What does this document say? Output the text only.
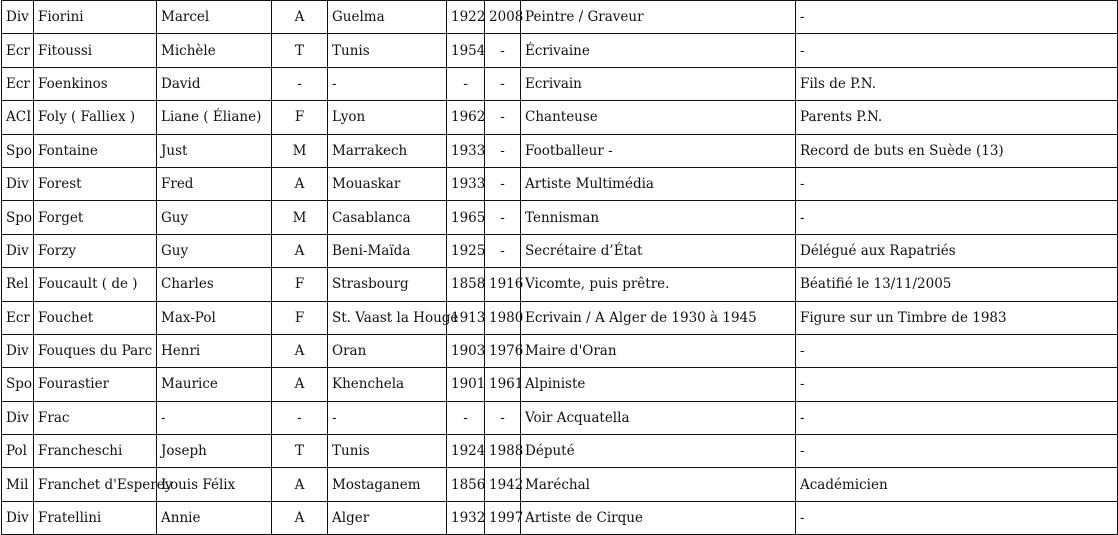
Div	Fiorini	Marcel	A	Guelma	1922	2008	Peintre / Graveur	-
Ecr	Fitoussi	Michèle	T	Tunis	1954	-	Écrivaine	-
Ecr	Foenkinos	David	-	-	-	-	Ecrivain	Fils de P.N.
ACI	Foly ( Falliex )	Liane ( Éliane)	F	Lyon	1962	-	Chanteuse	Parents P.N.
Spo	Fontaine	Just	M	Marrakech	1933	-	Footballeur -	Record de buts en Suède (13)
Div	Forest	Fred	A	Mouaskar	1933	-	Artiste Multimédia	-
Spo	Forget	Guy	M	Casablanca	1965	-	Tennisman	-
Div	Forzy	Guy	A	Beni-Maïda	1925	-	Secrétaire d’État	Délégué aux Rapatriés
Rel	Foucault ( de )	Charles	F	Strasbourg	1858	1916	Vicomte, puis prêtre.	Béatifié le 13/11/2005
Ecr	Fouchet	Max-Pol	F	St. Vaast la Houge	1913	1980	Ecrivain / A Alger de 1930 à 1945	Figure sur un Timbre de 1983
Div	Fouques du Parc	Henri	A	Oran	1903	1976	Maire d'Oran	-
Spo	Fourastier	Maurice	A	Khenchela	1901	1961	Alpiniste	-
Div	Frac	-	-	-	-	-	Voir Acquatella	-
Pol	Francheschi	Joseph	T	Tunis	1924	1988	Député	-
Mil	Franchet d'Esperey	Louis Félix	A	Mostaganem	1856	1942	Maréchal	Académicien
Div	Fratellini	Annie	A	Alger	1932	1997	Artiste de Cirque	-
